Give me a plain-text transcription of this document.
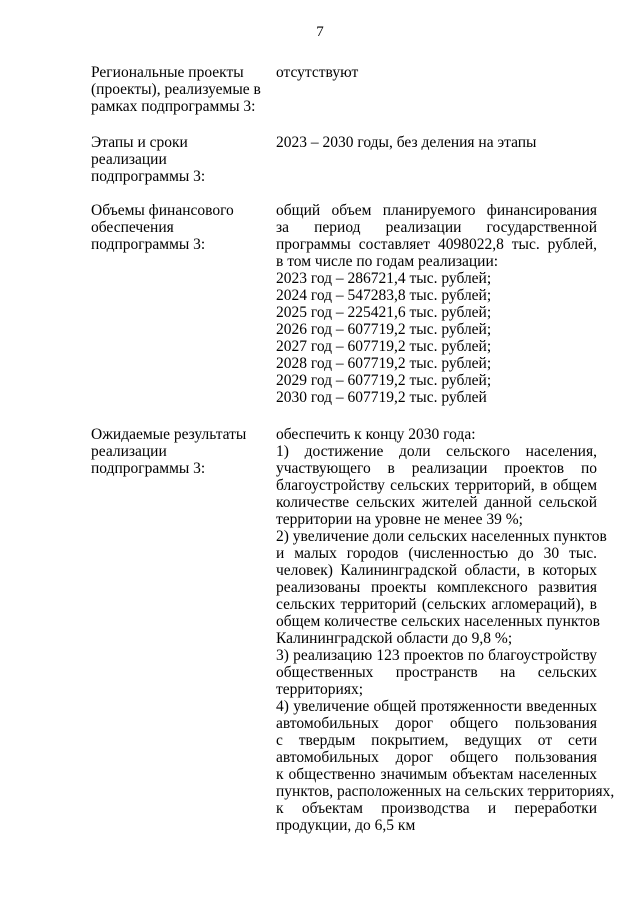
7
Региональные проекты
(проекты), реализуемые в
рамках подпрограммы 3:
отсутствуют
Этапы и сроки
реализации
подпрограммы 3:
2023 – 2030 годы, без деления на этапы
Объемы финансового
обеспечения
подпрограммы 3:
общий объем планируемого финансирования
за период реализации государственной
программы составляет 4098022,8 тыс. рублей,
в том числе по годам реализации:
2023 год – 286721,4 тыс. рублей;
2024 год – 547283,8 тыс. рублей;
2025 год – 225421,6 тыс. рублей;
2026 год – 607719,2 тыс. рублей;
2027 год – 607719,2 тыс. рублей;
2028 год – 607719,2 тыс. рублей;
2029 год – 607719,2 тыс. рублей;
2030 год – 607719,2 тыс. рублей
Ожидаемые результаты
реализации
подпрограммы 3:
обеспечить к концу 2030 года:
1) достижение доли сельского населения,
участвующего в реализации проектов по
благоустройству сельских территорий, в общем
количестве сельских жителей данной сельской
территории на уровне не менее 39 %;
2) увеличение доли сельских населенных пунктов
и малых городов (численностью до 30 тыс.
человек) Калининградской области, в которых
реализованы проекты комплексного развития
сельских территорий (сельских агломераций), в
общем количестве сельских населенных пунктов
Калининградской области до 9,8 %;
3) реализацию 123 проектов по благоустройству
общественных пространств на сельских
территориях;
4) увеличение общей протяженности введенных
автомобильных дорог общего пользования
с твердым покрытием, ведущих от сети
автомобильных дорог общего пользования
к общественно значимым объектам населенных
пунктов, расположенных на сельских территориях,
к объектам производства и переработки
продукции, до 6,5 км
